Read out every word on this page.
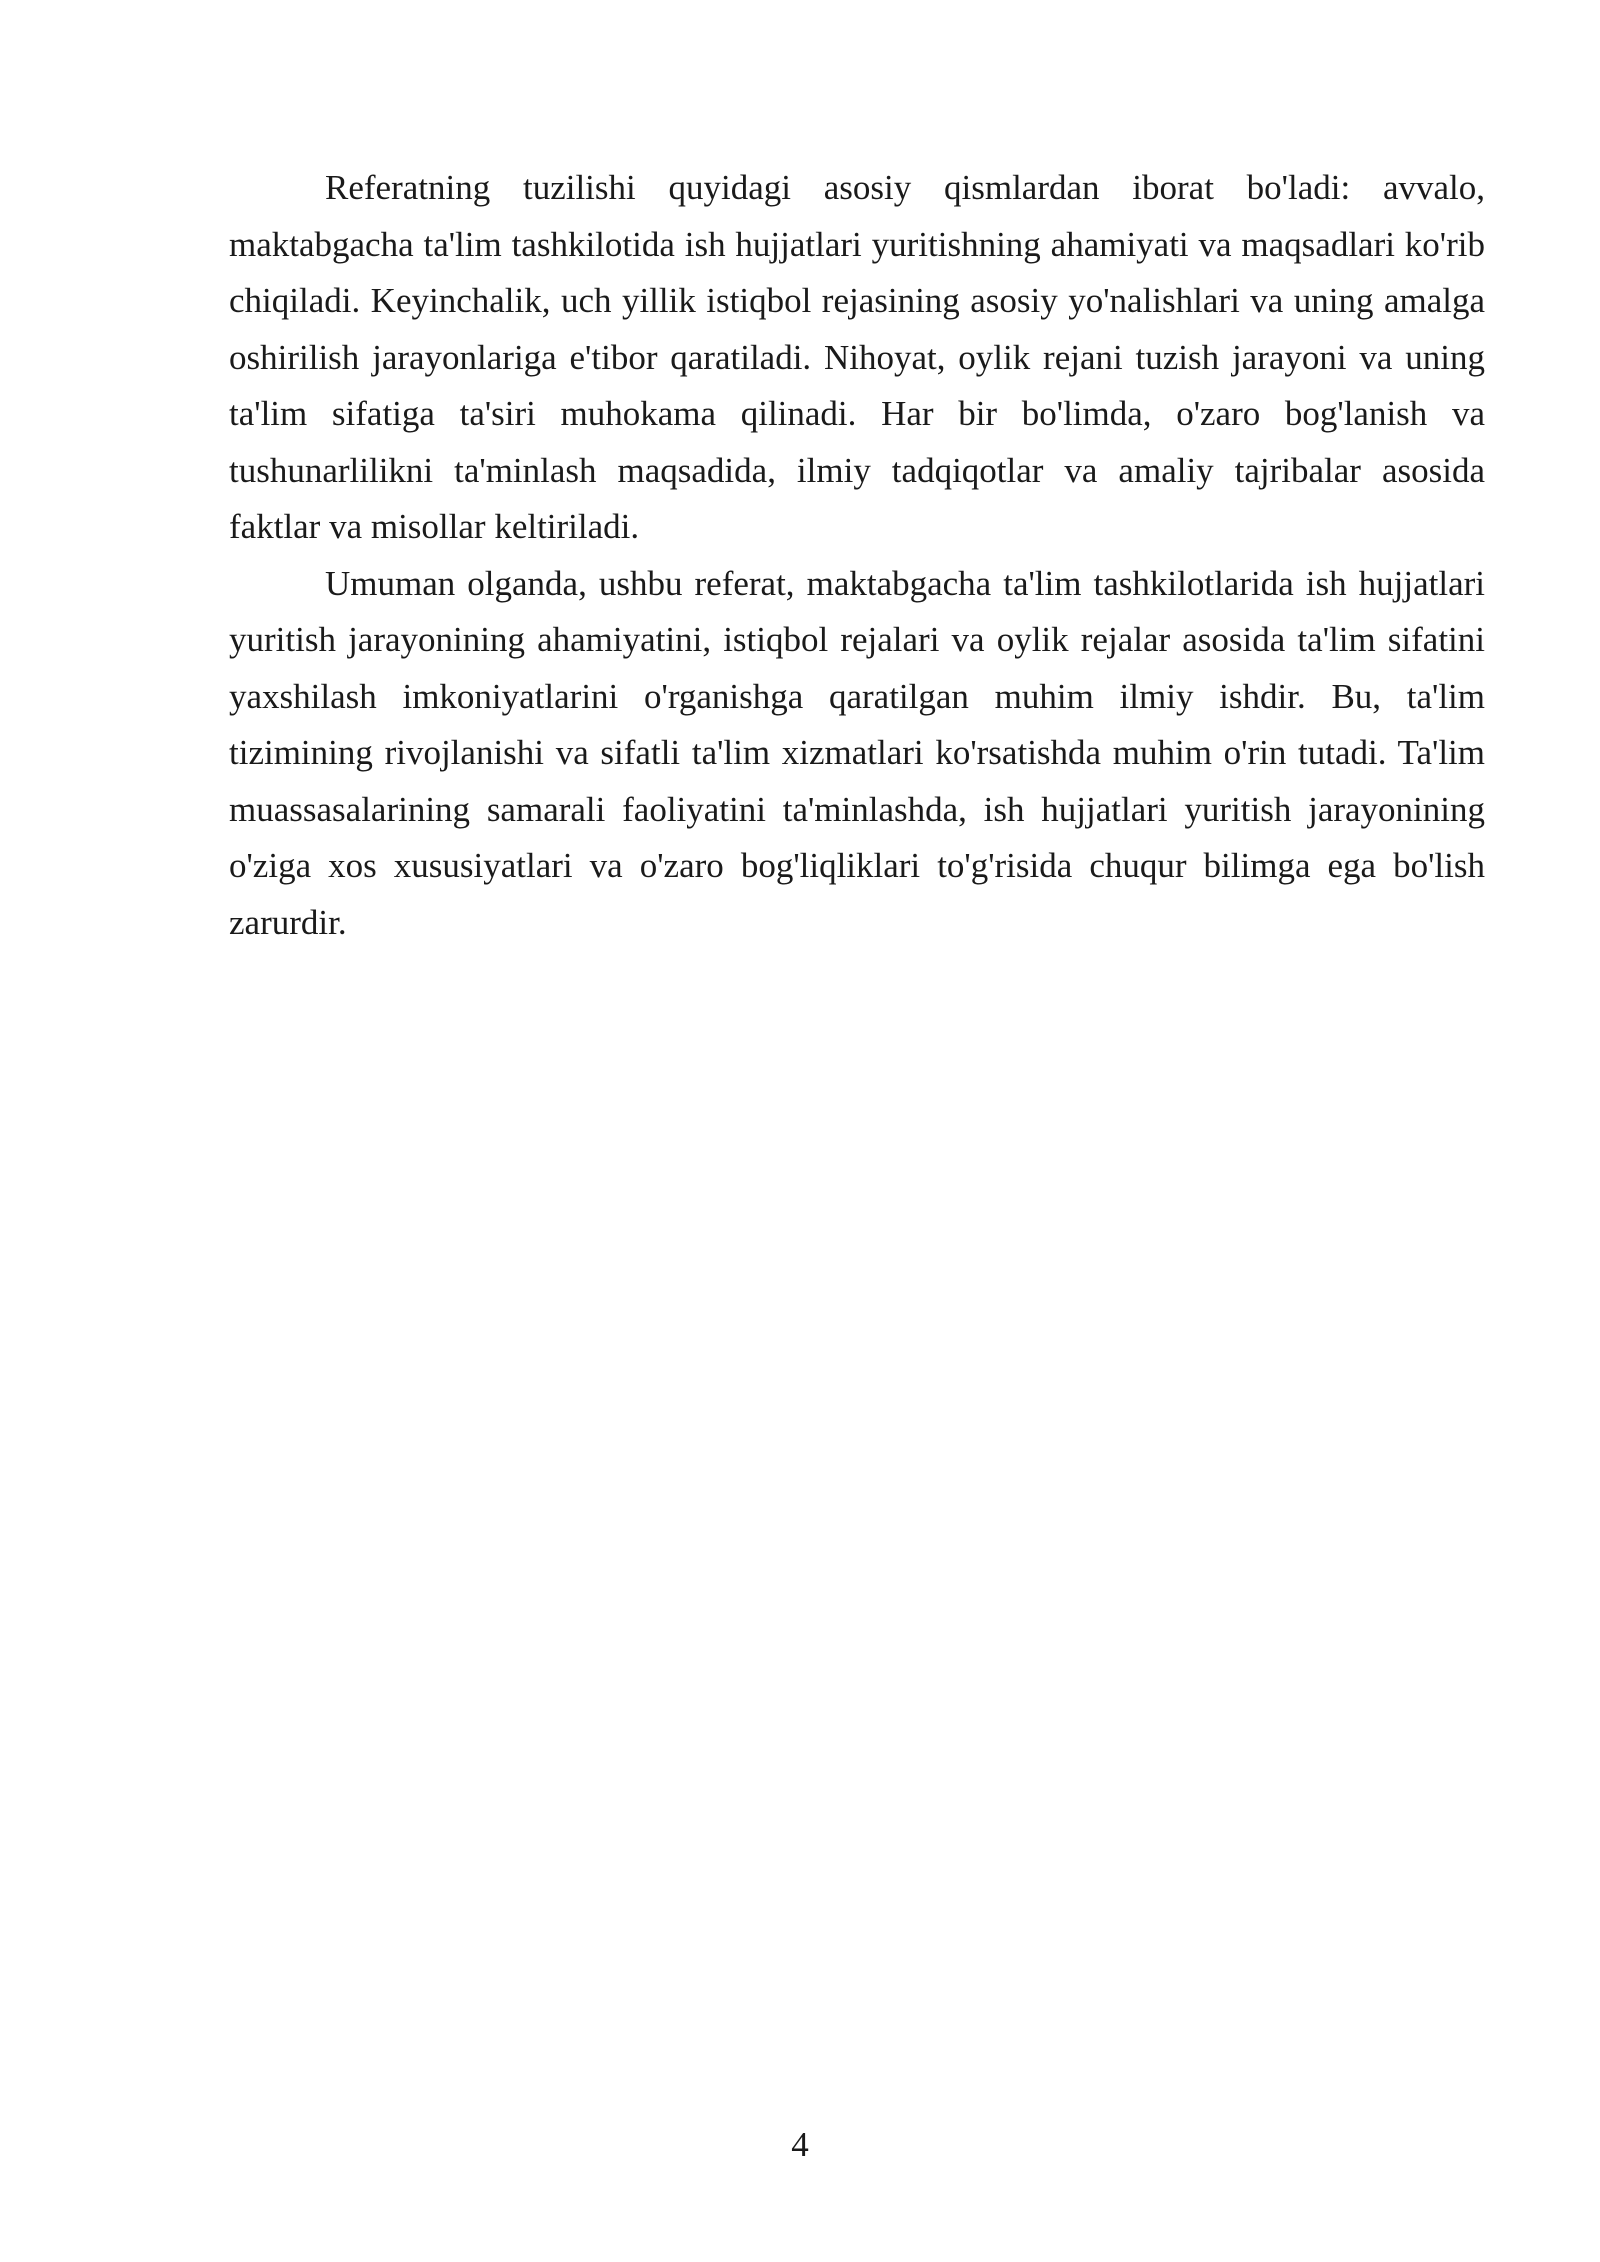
Referatning tuzilishi quyidagi asosiy qismlardan iborat bo'ladi: avvalo, maktabgacha ta'lim tashkilotida ish hujjatlari yuritishning ahamiyati va maqsadlari ko'rib chiqiladi. Keyinchalik, uch yillik istiqbol rejasining asosiy yo'nalishlari va uning amalga oshirilish jarayonlariga e'tibor qaratiladi. Nihoyat, oylik rejani tuzish jarayoni va uning ta'lim sifatiga ta'siri muhokama qilinadi. Har bir bo'limda, o'zaro bog'lanish va tushunarlilikni ta'minlash maqsadida, ilmiy tadqiqotlar va amaliy tajribalar asosida faktlar va misollar keltiriladi.

Umuman olganda, ushbu referat, maktabgacha ta'lim tashkilotlarida ish hujjatlari yuritish jarayonining ahamiyatini, istiqbol rejalari va oylik rejalar asosida ta'lim sifatini yaxshilash imkoniyatlarini o'rganishga qaratilgan muhim ilmiy ishdir. Bu, ta'lim tizimining rivojlanishi va sifatli ta'lim xizmatlari ko'rsatishda muhim o'rin tutadi. Ta'lim muassasalarining samarali faoliyatini ta'minlashda, ish hujjatlari yuritish jarayonining o'ziga xos xususiyatlari va o'zaro bog'liqliklari to'g'risida chuqur bilimga ega bo'lish zarurdir.

4
